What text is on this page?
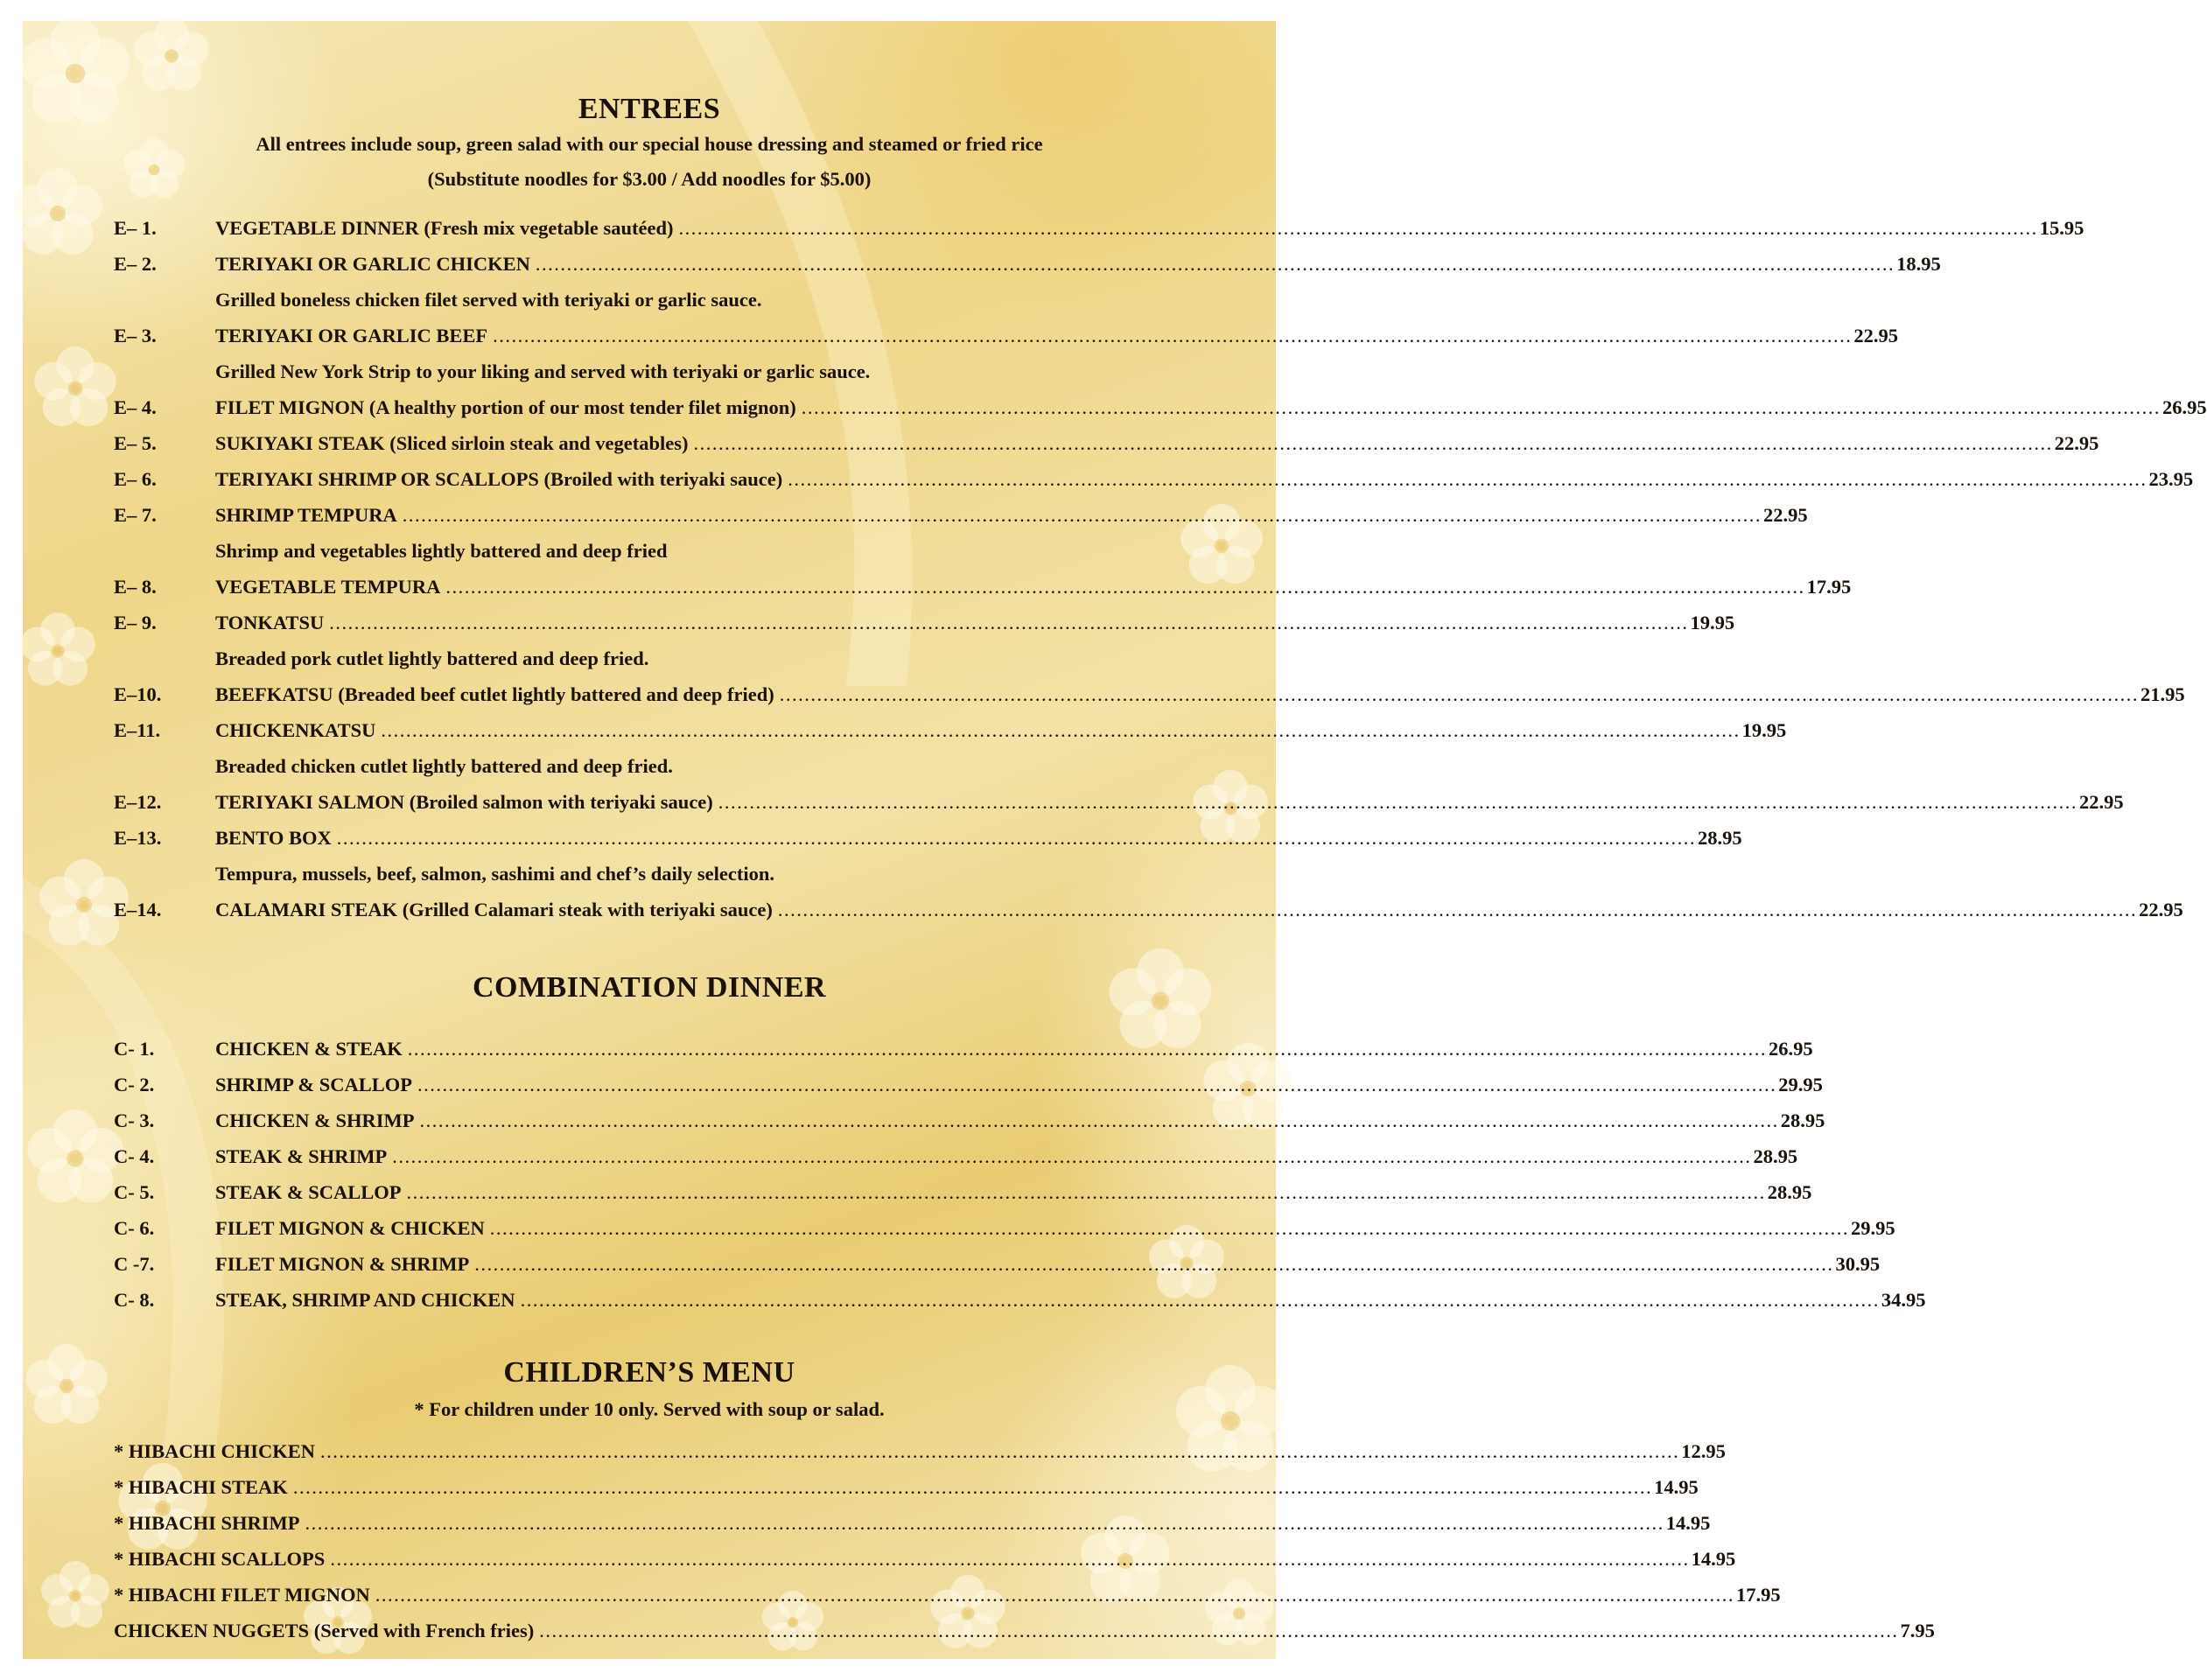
ENTREES

All entrees include soup, green salad with our special house dressing and steamed or fried rice

(Substitute noodles for $3.00 / Add noodles for $5.00)

E– 1.	VEGETABLE DINNER (Fresh mix vegetable sautéed) .......................................................................................................................................................................................................................... 15.95
E– 2.	TERIYAKI OR GARLIC CHICKEN .......................................................................................................................................................................................................................... 18.95
Grilled boneless chicken filet served with teriyaki or garlic sauce.
E– 3.	TERIYAKI OR GARLIC BEEF .......................................................................................................................................................................................................................... 22.95
Grilled New York Strip to your liking and served with teriyaki or garlic sauce.
E– 4.	FILET MIGNON (A healthy portion of our most tender filet mignon) .......................................................................................................................................................................................................................... 26.95
E– 5.	SUKIYAKI STEAK (Sliced sirloin steak and vegetables) .......................................................................................................................................................................................................................... 22.95
E– 6.	TERIYAKI SHRIMP OR SCALLOPS (Broiled with teriyaki sauce) .......................................................................................................................................................................................................................... 23.95
E– 7.	SHRIMP TEMPURA .......................................................................................................................................................................................................................... 22.95
Shrimp and vegetables lightly battered and deep fried
E– 8.	VEGETABLE TEMPURA .......................................................................................................................................................................................................................... 17.95
E– 9.	TONKATSU .......................................................................................................................................................................................................................... 19.95
Breaded pork cutlet lightly battered and deep fried.
E–10.	BEEFKATSU (Breaded beef cutlet lightly battered and deep fried) .......................................................................................................................................................................................................................... 21.95
E–11.	CHICKENKATSU .......................................................................................................................................................................................................................... 19.95
Breaded chicken cutlet lightly battered and deep fried.
E–12.	TERIYAKI SALMON (Broiled salmon with teriyaki sauce) .......................................................................................................................................................................................................................... 22.95
E–13.	BENTO BOX .......................................................................................................................................................................................................................... 28.95
Tempura, mussels, beef, salmon, sashimi and chef’s daily selection.
E–14.	CALAMARI STEAK (Grilled Calamari steak with teriyaki sauce) .......................................................................................................................................................................................................................... 22.95
COMBINATION DINNER
C- 1.	CHICKEN & STEAK .......................................................................................................................................................................................................................... 26.95
C- 2.	SHRIMP & SCALLOP .......................................................................................................................................................................................................................... 29.95
C- 3.	CHICKEN & SHRIMP .......................................................................................................................................................................................................................... 28.95
C- 4.	STEAK & SHRIMP .......................................................................................................................................................................................................................... 28.95
C- 5.	STEAK & SCALLOP .......................................................................................................................................................................................................................... 28.95
C- 6.	FILET MIGNON & CHICKEN .......................................................................................................................................................................................................................... 29.95
C -7.	FILET MIGNON & SHRIMP .......................................................................................................................................................................................................................... 30.95
C- 8.	STEAK, SHRIMP AND CHICKEN .......................................................................................................................................................................................................................... 34.95
CHILDREN’S MENU

* For children under 10 only. Served with soup or salad.

* HIBACHI CHICKEN .......................................................................................................................................................................................................................... 12.95
* HIBACHI STEAK .......................................................................................................................................................................................................................... 14.95
* HIBACHI SHRIMP .......................................................................................................................................................................................................................... 14.95
* HIBACHI SCALLOPS .......................................................................................................................................................................................................................... 14.95
* HIBACHI FILET MIGNON .......................................................................................................................................................................................................................... 17.95
CHICKEN NUGGETS (Served with French fries) .......................................................................................................................................................................................................................... 7.95
